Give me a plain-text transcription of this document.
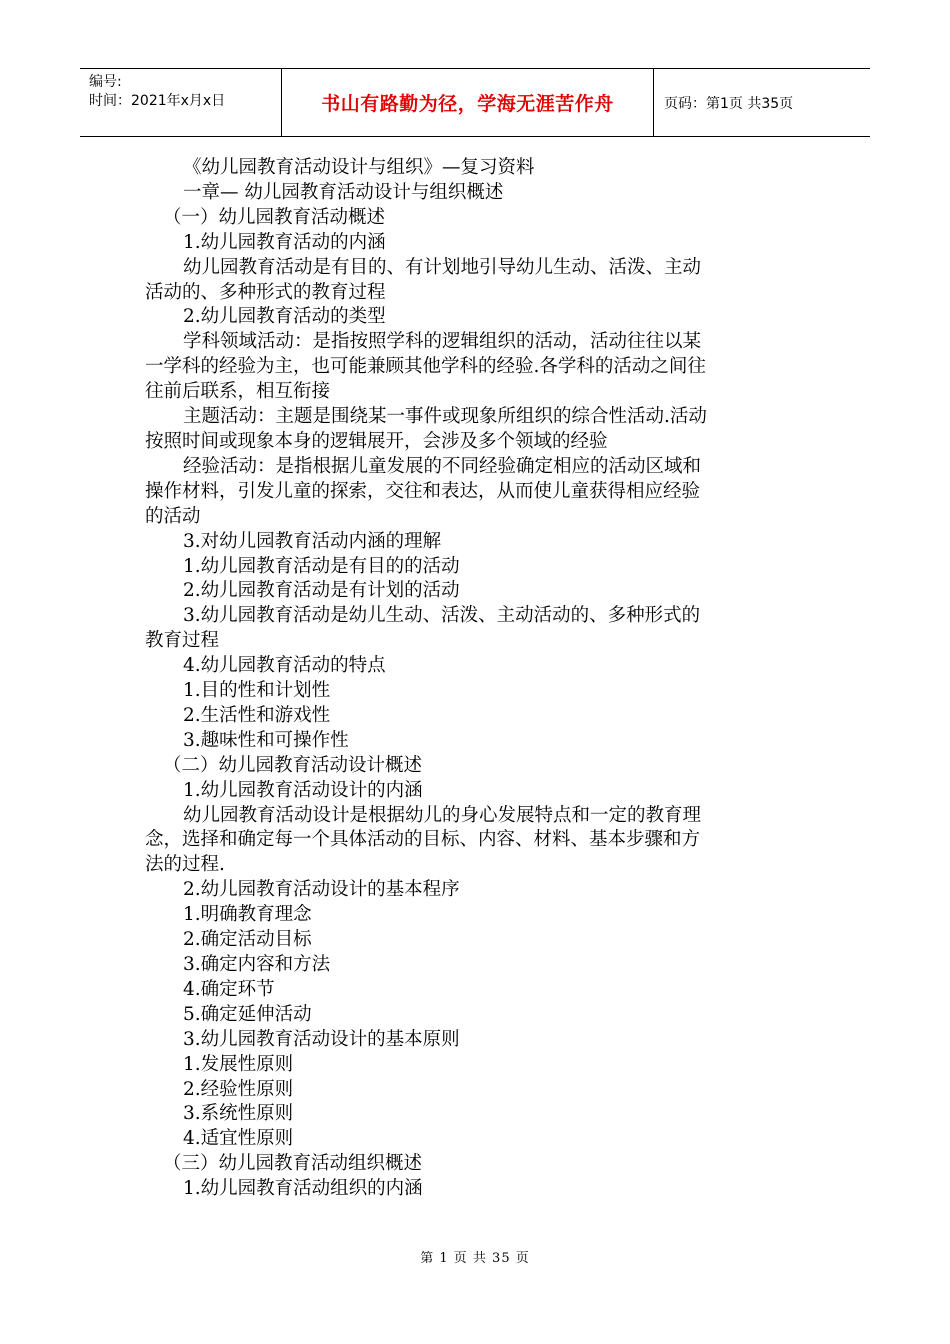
编号:
时间：2021年x月x日	书山有路勤为径，学海无涯苦作舟	页码：第1页 共35页
《幼儿园教育活动设计与组织》—复习资料
一章— 幼儿园教育活动设计与组织概述
（一）幼儿园教育活动概述
1.幼儿园教育活动的内涵
幼儿园教育活动是有目的、有计划地引导幼儿生动、活泼、主动
活动的、多种形式的教育过程
2.幼儿园教育活动的类型
学科领域活动：是指按照学科的逻辑组织的活动，活动往往以某
一学科的经验为主，也可能兼顾其他学科的经验.各学科的活动之间往
往前后联系，相互衔接
主题活动：主题是围绕某一事件或现象所组织的综合性活动.活动
按照时间或现象本身的逻辑展开，会涉及多个领域的经验
经验活动：是指根据儿童发展的不同经验确定相应的活动区域和
操作材料，引发儿童的探索，交往和表达，从而使儿童获得相应经验
的活动
3.对幼儿园教育活动内涵的理解
1.幼儿园教育活动是有目的的活动
2.幼儿园教育活动是有计划的活动
3.幼儿园教育活动是幼儿生动、活泼、主动活动的、多种形式的
教育过程
4.幼儿园教育活动的特点
1.目的性和计划性
2.生活性和游戏性
3.趣味性和可操作性
（二）幼儿园教育活动设计概述
1.幼儿园教育活动设计的内涵
幼儿园教育活动设计是根据幼儿的身心发展特点和一定的教育理
念，选择和确定每一个具体活动的目标、内容、材料、基本步骤和方
法的过程.
2.幼儿园教育活动设计的基本程序
1.明确教育理念
2.确定活动目标
3.确定内容和方法
4.确定环节
5.确定延伸活动
3.幼儿园教育活动设计的基本原则
1.发展性原则
2.经验性原则
3.系统性原则
4.适宜性原则
（三）幼儿园教育活动组织概述
1.幼儿园教育活动组织的内涵
第 1 页 共 35 页
